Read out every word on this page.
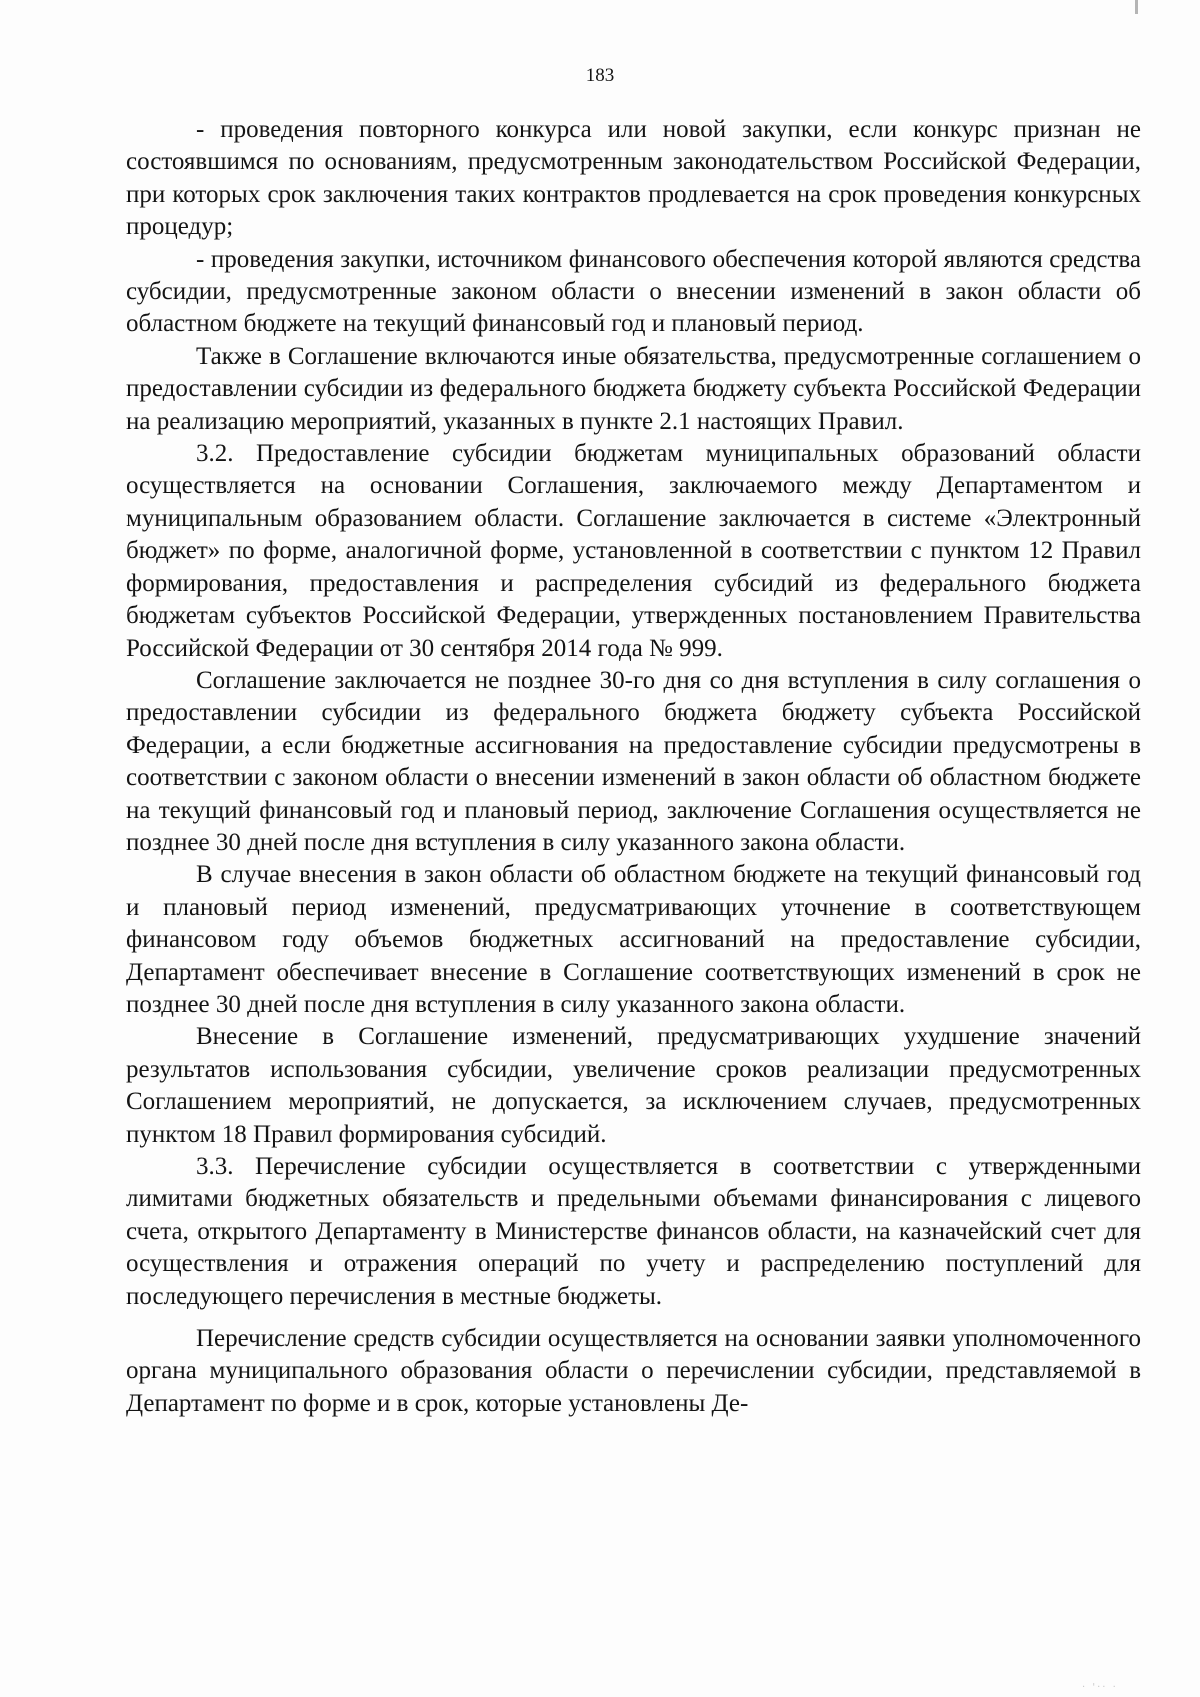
183

- проведения повторного конкурса или новой закупки, если конкурс признан не состоявшимся по основаниям, предусмотренным законодательством Российской Федерации, при которых срок заключения таких контрактов продлевается на срок проведения конкурсных процедур;

- проведения закупки, источником финансового обеспечения которой являются средства субсидии, предусмотренные законом области о внесении изменений в закон области об областном бюджете на текущий финансовый год и плановый период.

Также в Соглашение включаются иные обязательства, предусмотренные соглашением о предоставлении субсидии из федерального бюджета бюджету субъекта Российской Федерации на реализацию мероприятий, указанных в пункте 2.1 настоящих Правил.

3.2. Предоставление субсидии бюджетам муниципальных образований области осуществляется на основании Соглашения, заключаемого между Департаментом и муниципальным образованием области. Соглашение заключается в системе «Электронный бюджет» по форме, аналогичной форме, установленной в соответствии с пунктом 12 Правил формирования, предоставления и распределения субсидий из федерального бюджета бюджетам субъектов Российской Федерации, утвержденных постановлением Правительства Российской Федерации от 30 сентября 2014 года № 999.

Соглашение заключается не позднее 30-го дня со дня вступления в силу соглашения о предоставлении субсидии из федерального бюджета бюджету субъекта Российской Федерации, а если бюджетные ассигнования на предоставление субсидии предусмотрены в соответствии с законом области о внесении изменений в закон области об областном бюджете на текущий финансовый год и плановый период, заключение Соглашения осуществляется не позднее 30 дней после дня вступления в силу указанного закона области.

В случае внесения в закон области об областном бюджете на текущий финансовый год и плановый период изменений, предусматривающих уточнение в соответствующем финансовом году объемов бюджетных ассигнований на предоставление субсидии, Департамент обеспечивает внесение в Соглашение соответствующих изменений в срок не позднее 30 дней после дня вступления в силу указанного закона области.

Внесение в Соглашение изменений, предусматривающих ухудшение значений результатов использования субсидии, увеличение сроков реализации предусмотренных Соглашением мероприятий, не допускается, за исключением случаев, предусмотренных пунктом 18 Правил формирования субсидий.

3.3. Перечисление субсидии осуществляется в соответствии с утвержденными лимитами бюджетных обязательств и предельными объемами финансирования с лицевого счета, открытого Департаменту в Министерстве финансов области, на казначейский счет для осуществления и отражения операций по учету и распределению поступлений для последующего перечисления в местные бюджеты.

Перечисление средств субсидии осуществляется на основании заявки уполномоченного органа муниципального образования области о перечислении субсидии, представляемой в Департамент по форме и в срок, которые установлены Де-

· '·· ·
